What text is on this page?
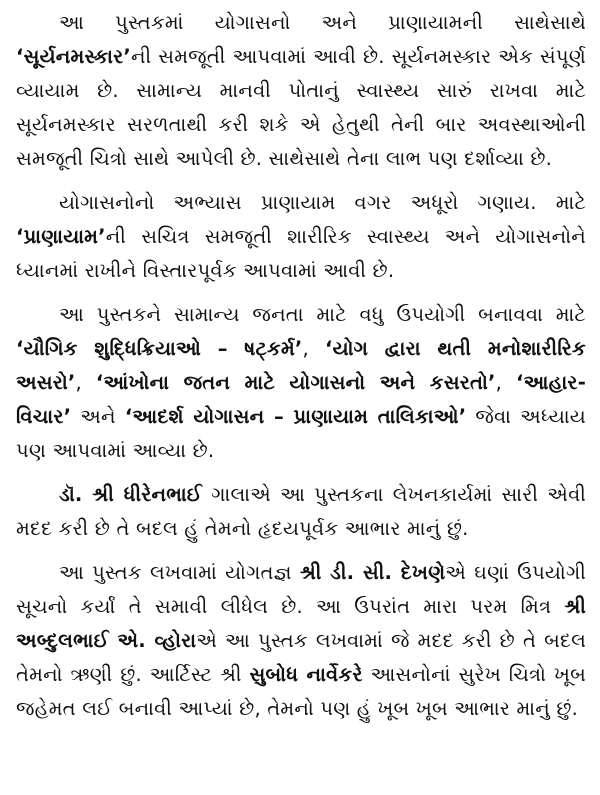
આ પુસ્તકમાં યોગાસનો અને પ્રાણાયામની સાથેસાથે ‘સૂર્યનમસ્કાર’ની સમજૂતી આપવામાં આવી છે. સૂર્યનમસ્કાર એક સંપૂર્ણ વ્યાયામ છે. સામાન્ય માનવી પોતાનું સ્વાસ્થ્ય સારું રાખવા માટે સૂર્યનમસ્કાર સરળતાથી કરી શકે એ હેતુથી તેની બાર અવસ્થાઓની સમજૂતી ચિત્રો સાથે આપેલી છે. સાથેસાથે તેના લાભ પણ દર્શાવ્યા છે.

યોગાસનોનો અભ્યાસ પ્રાણાયામ વગર અધૂરો ગણાય. માટે ‘પ્રાણાયામ’ની સચિત્ર સમજૂતી શારીરિક સ્વાસ્થ્ય અને યોગાસનોને ધ્યાનમાં રાખીને વિસ્તારપૂર્વક આપવામાં આવી છે.

આ પુસ્તકને સામાન્ય જનતા માટે વધુ ઉપયોગી બનાવવા માટે ‘યૌગિક શુદ્ધિક્રિયાઓ – ષટ્કર્મ’, ‘યોગ દ્વારા થતી મનોશારીરિક અસરો’, ‘આંખોના જતન માટે યોગાસનો અને કસરતો’, ‘આહાર-વિચાર’ અને ‘આદર્શ યોગાસન – પ્રાણાયામ તાલિકાઓ’ જેવા અધ્યાય પણ આપવામાં આવ્યા છે.

ડૉ. શ્રી ધીરેનભાઈ ગાલાએ આ પુસ્તકના લેખનકાર્યમાં સારી એવી મદદ કરી છે તે બદલ હું તેમનો હૃદયપૂર્વક આભાર માનું છું.

આ પુસ્તક લખવામાં યોગતજ્ઞ શ્રી ડી. સી. દેખણેએ ઘણાં ઉપયોગી સૂચનો કર્યાં તે સમાવી લીધેલ છે. આ ઉપરાંત મારા પરમ મિત્ર શ્રી અબ્દુલભાઈ એ. વ્હોરાએ આ પુસ્તક લખવામાં જે મદદ કરી છે તે બદલ તેમનો ઋણી છું. આર્ટિસ્ટ શ્રી સુબોધ નાર્વેકરે આસનોનાં સુરેખ ચિત્રો ખૂબ જહેમત લઈ બનાવી આપ્યાં છે, તેમનો પણ હું ખૂબ ખૂબ આભાર માનું છું.
